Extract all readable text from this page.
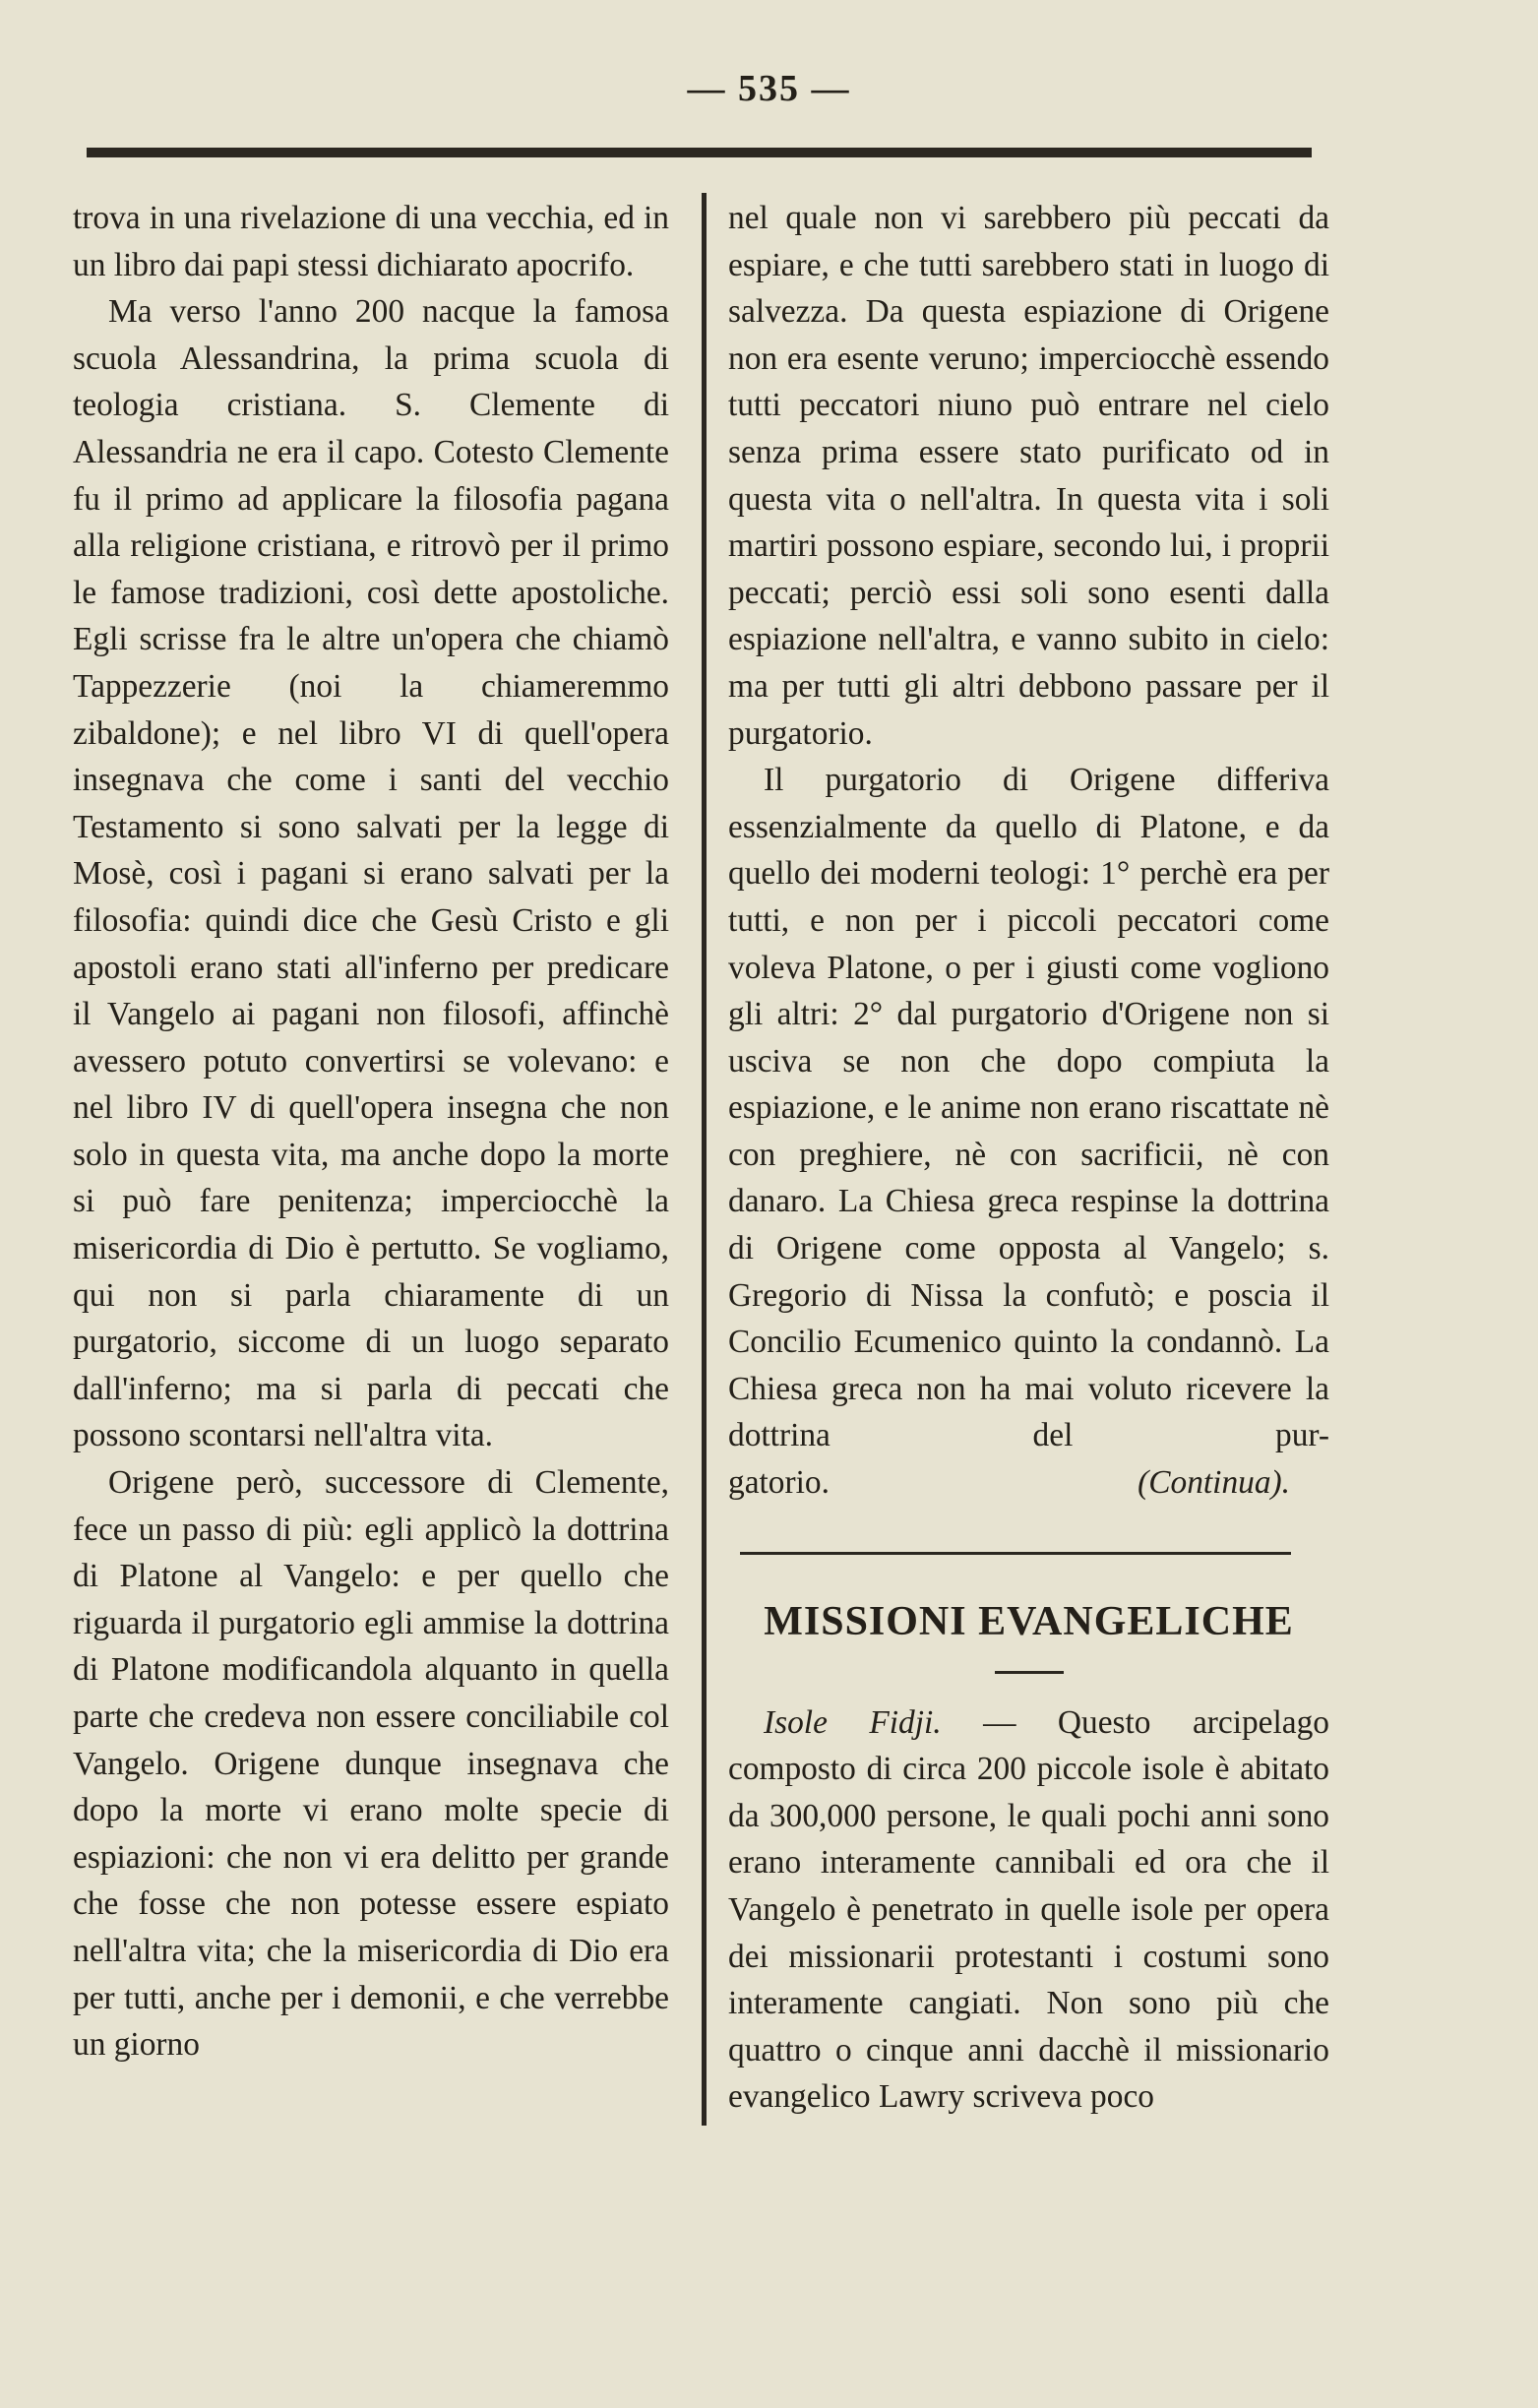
— 535 —

trova in una rivelazione di una vecchia, ed in un libro dai papi stessi dichiarato apocrifo.

Ma verso l'anno 200 nacque la famosa scuola Alessandrina, la prima scuola di teologia cristiana. S. Clemente di Alessandria ne era il capo. Cotesto Clemente fu il primo ad applicare la filosofia pagana alla religione cristiana, e ritrovò per il primo le famose tradizioni, così dette apostoliche. Egli scrisse fra le altre un'opera che chiamò Tappezzerie (noi la chiameremmo zibaldone); e nel libro VI di quell'opera insegnava che come i santi del vecchio Testamento si sono salvati per la legge di Mosè, così i pagani si erano salvati per la filosofia: quindi dice che Gesù Cristo e gli apostoli erano stati all'inferno per predicare il Vangelo ai pagani non filosofi, affinchè avessero potuto convertirsi se volevano: e nel libro IV di quell'opera insegna che non solo in questa vita, ma anche dopo la morte si può fare penitenza; imperciocchè la misericordia di Dio è pertutto. Se vogliamo, qui non si parla chiaramente di un purgatorio, siccome di un luogo separato dall'inferno; ma si parla di peccati che possono scontarsi nell'altra vita.

Origene però, successore di Clemente, fece un passo di più: egli applicò la dottrina di Platone al Vangelo: e per quello che riguarda il purgatorio egli ammise la dottrina di Platone modificandola alquanto in quella parte che credeva non essere conciliabile col Vangelo. Origene dunque insegnava che dopo la morte vi erano molte specie di espiazioni: che non vi era delitto per grande che fosse che non potesse essere espiato nell'altra vita; che la misericordia di Dio era per tutti, anche per i demonii, e che verrebbe un giorno

nel quale non vi sarebbero più peccati da espiare, e che tutti sarebbero stati in luogo di salvezza. Da questa espiazione di Origene non era esente veruno; imperciocchè essendo tutti peccatori niuno può entrare nel cielo senza prima essere stato purificato od in questa vita o nell'altra. In questa vita i soli martiri possono espiare, secondo lui, i proprii peccati; perciò essi soli sono esenti dalla espiazione nell'altra, e vanno subito in cielo: ma per tutti gli altri debbono passare per il purgatorio.

Il purgatorio di Origene differiva essenzialmente da quello di Platone, e da quello dei moderni teologi: 1° perchè era per tutti, e non per i piccoli peccatori come voleva Platone, o per i giusti come vogliono gli altri: 2° dal purgatorio d'Origene non si usciva se non che dopo compiuta la espiazione, e le anime non erano riscattate nè con preghiere, nè con sacrificii, nè con danaro. La Chiesa greca respinse la dottrina di Origene come opposta al Vangelo; s. Gregorio di Nissa la confutò; e poscia il Concilio Ecumenico quinto la condannò. La Chiesa greca non ha mai voluto ricevere la dottrina del pur-

gatorio.	(Continua).

MISSIONI EVANGELICHE

Isole Fidji. — Questo arcipelago composto di circa 200 piccole isole è abitato da 300,000 persone, le quali pochi anni sono erano interamente cannibali ed ora che il Vangelo è penetrato in quelle isole per opera dei missionarii protestanti i costumi sono interamente cangiati. Non sono più che quattro o cinque anni dacchè il missionario evangelico Lawry scriveva poco
